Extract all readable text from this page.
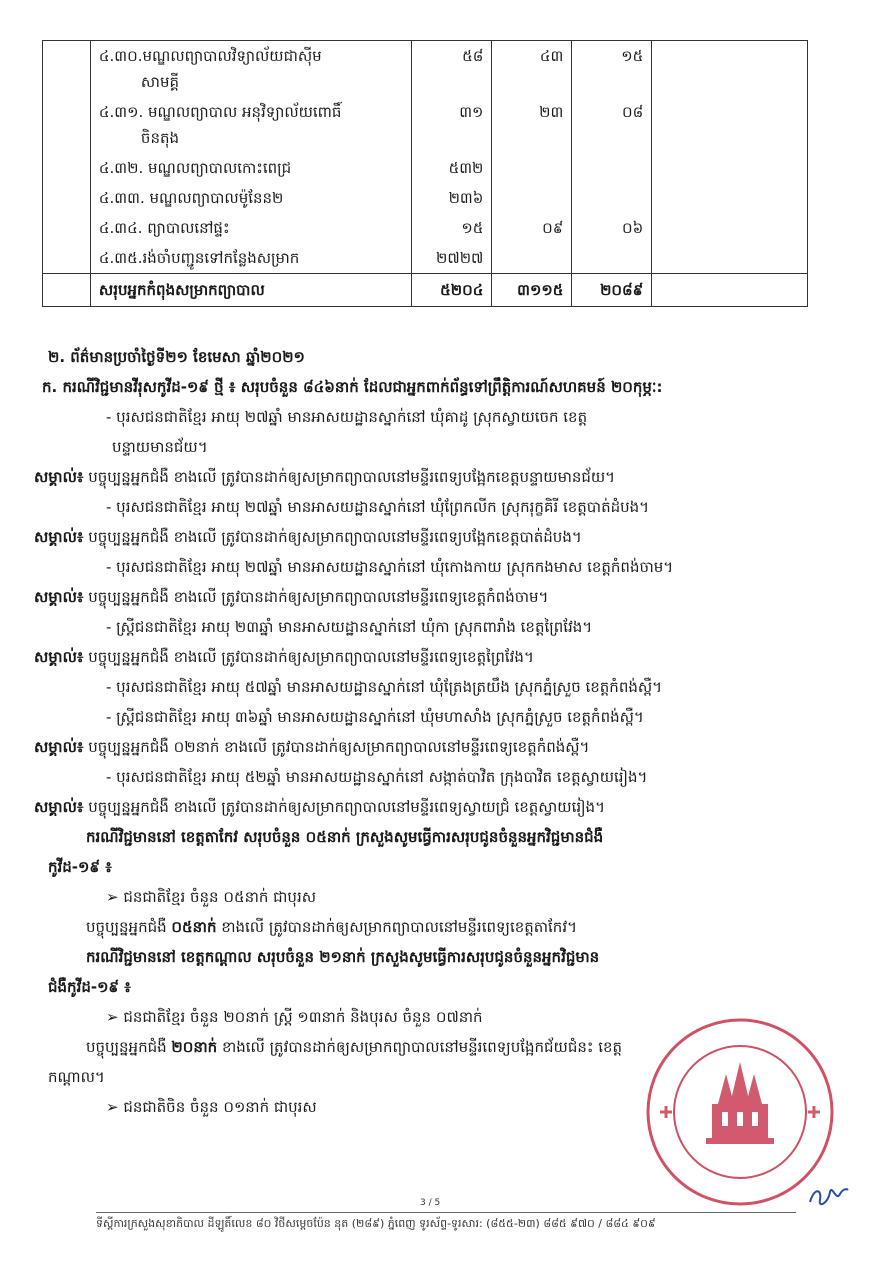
	៤.៣០.មណ្ឌលព្យាបាលវិទ្យាល័យជាស៊ីម
សាមគ្គី	៥៨	៤៣	១៥	

	៤.៣១. មណ្ឌលព្យាបាល អនុវិទ្យាល័យពោធិ៍
ចិនតុង	៣១	២៣	០៨	

	៤.៣២. មណ្ឌលព្យាបាលកោះពេជ្រ	៥៣២			

	៤.៣៣. មណ្ឌលព្យាបាលម៉ូនែន២	២៣៦			

	៤.៣៤. ព្យាបាលនៅផ្ទះ	១៥	០៩	០៦	

	៤.៣៥.រង់ចាំបញ្ជូនទៅកន្លែងសម្រាក	២៧២៧			
	សរុបអ្នកកំពុងសម្រាកព្យាបាល	៥២០៤	៣១១៥	២០៨៩	
២. ព័ត៌មានប្រចាំថ្ងៃទី២១ ខែមេសា ឆ្នាំ២០២១
ក. ករណីវិជ្ជមានវីរុសកូវីដ-១៩ ថ្មី ៖ សរុបចំនួន ៨៤៦នាក់ ដែលជាអ្នកពាក់ព័ន្ធទៅព្រឹត្តិការណ៍សហគមន៍ ២០កុម្ភៈ:
- បុរសជនជាតិខ្មែរ អាយុ ២៧ឆ្នាំ មានអាសយដ្ឋានស្នាក់នៅ ឃុំគាដូ ស្រុកស្វាយចេក ខេត្ត
បន្ទាយមានជ័យ។
សម្គាល់៖ បច្ចុប្បន្នអ្នកជំងឺ ខាងលើ ត្រូវបានដាក់ឲ្យសម្រាកព្យាបាលនៅមន្ទីរពេទ្យបង្អែកខេត្តបន្ទាយមានជ័យ។
- បុរសជនជាតិខ្មែរ អាយុ ២៧ឆ្នាំ មានអាសយដ្ឋានស្នាក់នៅ ឃុំព្រែកលីក ស្រុករុក្ខគិរី ខេត្តបាត់ដំបង។
សម្គាល់៖ បច្ចុប្បន្នអ្នកជំងឺ ខាងលើ ត្រូវបានដាក់ឲ្យសម្រាកព្យាបាលនៅមន្ទីរពេទ្យបង្អែកខេត្តបាត់ដំបង។
- បុរសជនជាតិខ្មែរ អាយុ ២៧ឆ្នាំ មានអាសយដ្ឋានស្នាក់នៅ ឃុំកោងកាយ ស្រុកកងមាស ខេត្តកំពង់ចាម។
សម្គាល់៖ បច្ចុប្បន្នអ្នកជំងឺ ខាងលើ ត្រូវបានដាក់ឲ្យសម្រាកព្យាបាលនៅមន្ទីរពេទ្យខេត្តកំពង់ចាម។
- ស្ត្រីជនជាតិខ្មែរ អាយុ ២៣ឆ្នាំ មានអាសយដ្ឋានស្នាក់នៅ ឃុំកា ស្រុកពារាំង ខេត្តព្រៃវែង។
សម្គាល់៖ បច្ចុប្បន្នអ្នកជំងឺ ខាងលើ ត្រូវបានដាក់ឲ្យសម្រាកព្យាបាលនៅមន្ទីរពេទ្យខេត្តព្រៃវែង។
- បុរសជនជាតិខ្មែរ អាយុ ៥៧ឆ្នាំ មានអាសយដ្ឋានស្នាក់នៅ ឃុំត្រែងត្រយឹង ស្រុកភ្នំស្រួច ខេត្តកំពង់ស្ពឺ។
- ស្ត្រីជនជាតិខ្មែរ អាយុ ៣៦ឆ្នាំ មានអាសយដ្ឋានស្នាក់នៅ ឃុំមហាសាំង ស្រុកភ្នំស្រួច ខេត្តកំពង់ស្ពឺ។
សម្គាល់៖ បច្ចុប្បន្នអ្នកជំងឺ ០២នាក់ ខាងលើ ត្រូវបានដាក់ឲ្យសម្រាកព្យាបាលនៅមន្ទីរពេទ្យខេត្តកំពង់ស្ពឺ។
- បុរសជនជាតិខ្មែរ អាយុ ៥២ឆ្នាំ មានអាសយដ្ឋានស្នាក់នៅ សង្កាត់បាវិត ក្រុងបាវិត ខេត្តស្វាយរៀង។
សម្គាល់៖ បច្ចុប្បន្នអ្នកជំងឺ ខាងលើ ត្រូវបានដាក់ឲ្យសម្រាកព្យាបាលនៅមន្ទីរពេទ្យស្វាយជ្រំ ខេត្តស្វាយរៀង។
ករណីវិជ្ជមាននៅ ខេត្តតាកែវ សរុបចំនួន ០៥នាក់ ក្រសួងសូមធ្វើការសរុបជូនចំនួនអ្នកវិជ្ជមានជំងឺ
កូវីដ-១៩ ៖
➢ ជនជាតិខ្មែរ ចំនួន ០៥នាក់ ជាបុរស
បច្ចុប្បន្នអ្នកជំងឺ ០៥នាក់ ខាងលើ ត្រូវបានដាក់ឲ្យសម្រាកព្យាបាលនៅមន្ទីរពេទ្យខេត្តតាកែវ។
ករណីវិជ្ជមាននៅ ខេត្តកណ្ដាល សរុបចំនួន ២១នាក់ ក្រសួងសូមធ្វើការសរុបជូនចំនួនអ្នកវិជ្ជមាន
ជំងឺកូវីដ-១៩ ៖
➢ ជនជាតិខ្មែរ ចំនួន ២០នាក់ ស្ត្រី ១៣នាក់ និងបុរស ចំនួន ០៧នាក់
បច្ចុប្បន្នអ្នកជំងឺ ២០នាក់ ខាងលើ ត្រូវបានដាក់ឲ្យសម្រាកព្យាបាលនៅមន្ទីរពេទ្យបង្អែកជ័យជំនះ ខេត្ត
កណ្ដាល។
➢ ជនជាតិចិន ចំនួន ០១នាក់ ជាបុរស
3 / 5
ទីស្តីការក្រសួងសុខាភិបាល ដីឡូតិ៍លេខ ៨០ វិថីសម្ដេចប៉ែន នុត (២៨៩) ភ្នំពេញ ទូរស័ព្ទ-ទូរសារ: (៨៥៥-២៣) ៨៨៥ ៩៧០ / ៨៨៤ ៩០៩
